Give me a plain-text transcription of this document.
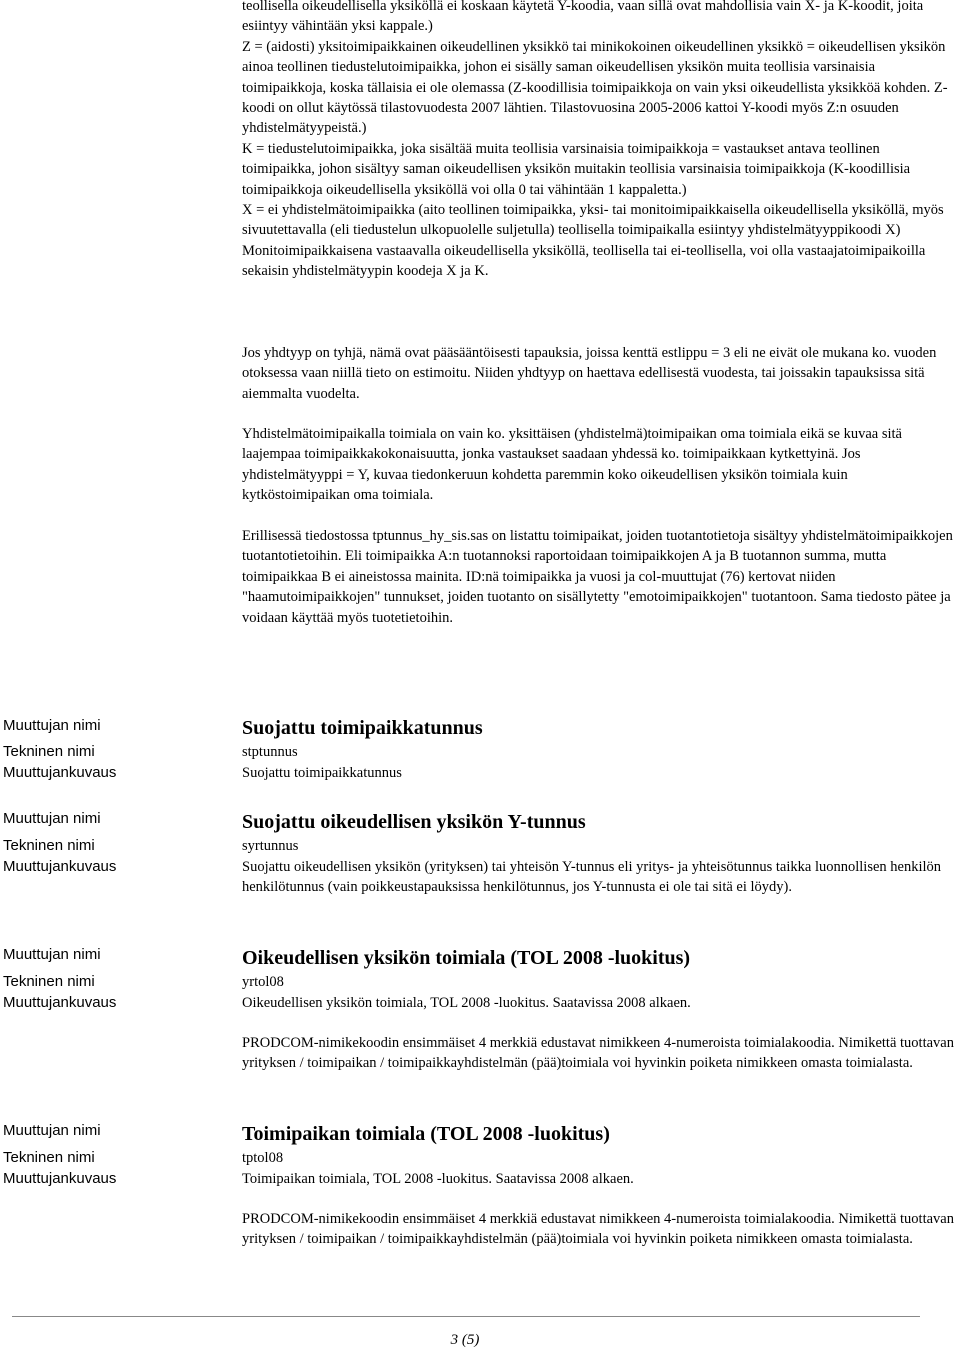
teollisella oikeudellisella yksiköllä ei koskaan käytetä Y-koodia, vaan sillä ovat mahdollisia vain X- ja K-koodit, joita esiintyy vähintään yksi kappale.)

Z = (aidosti) yksitoimipaikkainen oikeudellinen yksikkö tai minikokoinen oikeudellinen yksikkö = oikeudellisen yksikön ainoa teollinen tiedustelutoimipaikka, johon ei sisälly saman oikeudellisen yksikön muita teollisia varsinaisia toimipaikkoja, koska tällaisia ei ole olemassa (Z-koodillisia toimipaikkoja on vain yksi oikeudellista yksikköä kohden. Z-koodi on ollut käytössä tilastovuodesta 2007 lähtien. Tilastovuosina 2005-2006 kattoi Y-koodi myös Z:n osuuden yhdistelmätyypeistä.)

K = tiedustelutoimipaikka, joka sisältää muita teollisia varsinaisia toimipaikkoja = vastaukset antava teollinen toimipaikka, johon sisältyy saman oikeudellisen yksikön muitakin teollisia varsinaisia toimipaikkoja (K-koodillisia toimipaikkoja oikeudellisella yksiköllä voi olla 0 tai vähintään 1 kappaletta.)

X = ei yhdistelmätoimipaikka (aito teollinen toimipaikka, yksi- tai monitoimipaikkaisella oikeudellisella yksiköllä, myös sivuutettavalla (eli tiedustelun ulkopuolelle suljetulla) teollisella toimipaikalla esiintyy yhdistelmätyyppikoodi X)

Monitoimipaikkaisena vastaavalla oikeudellisella yksiköllä, teollisella tai ei-teollisella, voi olla vastaajatoimipaikoilla sekaisin yhdistelmätyypin koodeja X ja K.

Jos yhdtyyp on tyhjä, nämä ovat pääsääntöisesti tapauksia, joissa kenttä estlippu = 3 eli ne eivät ole mukana ko. vuoden otoksessa vaan niillä tieto on estimoitu. Niiden yhdtyyp on haettava edellisestä vuodesta, tai joissakin tapauksissa sitä aiemmalta vuodelta.

Yhdistelmätoimipaikalla toimiala on vain ko. yksittäisen (yhdistelmä)toimipaikan oma toimiala eikä se kuvaa sitä laajempaa toimipaikkakokonaisuutta, jonka vastaukset saadaan yhdessä ko. toimipaikkaan kytkettyinä. Jos yhdistelmätyyppi = Y, kuvaa tiedonkeruun kohdetta paremmin koko oikeudellisen yksikön toimiala kuin kytköstoimipaikan oma toimiala.

Erillisessä tiedostossa tptunnus_hy_sis.sas on listattu toimipaikat, joiden tuotantotietoja sisältyy yhdistelmätoimipaikkojen tuotantotietoihin. Eli toimipaikka A:n tuotannoksi raportoidaan toimipaikkojen A ja B tuotannon summa, mutta toimipaikkaa B ei aineistossa mainita. ID:nä toimipaikka ja vuosi ja col-muuttujat (76) kertovat niiden "haamutoimipaikkojen" tunnukset, joiden tuotanto on sisällytetty "emotoimipaikkojen" tuotantoon. Sama tiedosto pätee ja voidaan käyttää myös tuotetietoihin.

Muuttujan nimi
Tekninen nimi
Muuttujankuvaus
Suojattu toimipaikkatunnus
stptunnus
Suojattu toimipaikkatunnus
Muuttujan nimi
Tekninen nimi
Muuttujankuvaus
Suojattu oikeudellisen yksikön Y-tunnus
syrtunnus
Suojattu oikeudellisen yksikön (yrityksen) tai yhteisön Y-tunnus eli yritys- ja yhteisötunnus taikka luonnollisen henkilön henkilötunnus (vain poikkeustapauksissa henkilötunnus, jos Y-tunnusta ei ole tai sitä ei löydy).
Muuttujan nimi
Tekninen nimi
Muuttujankuvaus
Oikeudellisen yksikön toimiala (TOL 2008 -luokitus)
yrtol08
Oikeudellisen yksikön toimiala, TOL 2008 -luokitus. Saatavissa 2008 alkaen.

PRODCOM-nimikekoodin ensimmäiset 4 merkkiä edustavat nimikkeen 4-numeroista toimialakoodia. Nimikettä tuottavan yrityksen / toimipaikan / toimipaikkayhdistelmän (pää)toimiala voi hyvinkin poiketa nimikkeen omasta toimialasta.

Muuttujan nimi
Tekninen nimi
Muuttujankuvaus
Toimipaikan toimiala (TOL 2008 -luokitus)
tptol08
Toimipaikan toimiala, TOL 2008 -luokitus. Saatavissa 2008 alkaen.

PRODCOM-nimikekoodin ensimmäiset 4 merkkiä edustavat nimikkeen 4-numeroista toimialakoodia. Nimikettä tuottavan yrityksen / toimipaikan / toimipaikkayhdistelmän (pää)toimiala voi hyvinkin poiketa nimikkeen omasta toimialasta.

3 (5)
